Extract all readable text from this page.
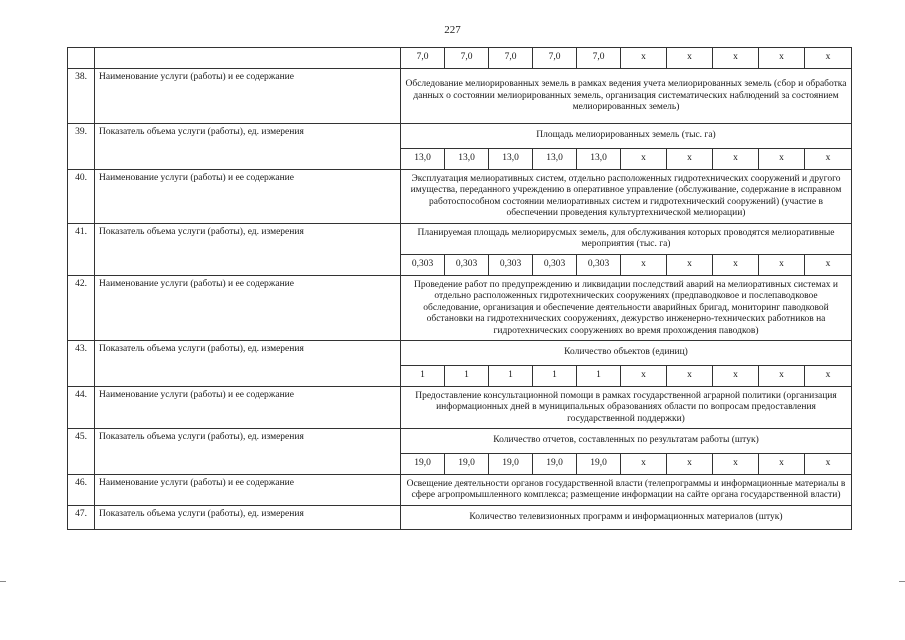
227
		7,0	7,0	7,0	7,0	7,0	x	x	x	x	x
38.	Наименование услуги (работы) и ее содержание	Обследование мелиорированных земель в рамках ведения учета мелиорированных земель (сбор и обработка данных о состоянии мелиорированных земель, организация систематических наблюдений за состоянием мелиорированных земель)									
39.	Показатель объема услуги (работы), ед. измерения	Площадь мелиорированных земель (тыс. га)									
		13,0	13,0	13,0	13,0	13,0	x	x	x	x	x
40.	Наименование услуги (работы) и ее содержание	Эксплуатация мелиоративных систем, отдельно расположенных гидротехнических сооружений и другого имущества, переданного учреждению в оперативное управление (обслуживание, содержание в исправном работоспособном состоянии мелиоративных систем и гидротехнический сооружений) (участие в обеспечении проведения культуртехнической мелиорации)									
41.	Показатель объема услуги (работы), ед. измерения	Планируемая площадь мелиорирусмых земель, для обслуживания которых проводятся мелиоративные мероприятия (тыс. га)									
		0,303	0,303	0,303	0,303	0,303	x	x	x	x	x
42.	Наименование услуги (работы) и ее содержание	Проведение работ по предупреждению и ликвидации последствий аварий на мелиоративных системах и отдельно расположенных гидротехнических сооружениях (предпаводковое и послепаводковое обследование, организация и обеспечение деятельности аварийных бригад, мониторинг паводковой обстановки на гидротехнических сооружениях, дежурство инженерно-технических работников на гидротехнических сооружениях во время прохождения паводков)									
43.	Показатель объема услуги (работы), ед. измерения	Количество объектов (единиц)									
		1	1	1	1	1	x	x	x	x	x
44.	Наименование услуги (работы) и ее содержание	Предоставление консультационной помощи в рамках государственной аграрной политики (организация информационных дней в муниципальных образованиях области по вопросам предоставления государственной поддержки)									
45.	Показатель объема услуги (работы), ед. измерения	Количество отчетов, составленных по результатам работы (штук)									
		19,0	19,0	19,0	19,0	19,0	x	x	x	x	x
46.	Наименование услуги (работы) и ее содержание	Освещение деятельности органов государственной власти (телепрограммы и информационные материалы в сфере агропромышленного комплекса; размещение информации на сайте органа государственной власти)									
47.	Показатель объема услуги (работы), ед. измерения	Количество телевизионных программ и информационных материалов (штук)									
